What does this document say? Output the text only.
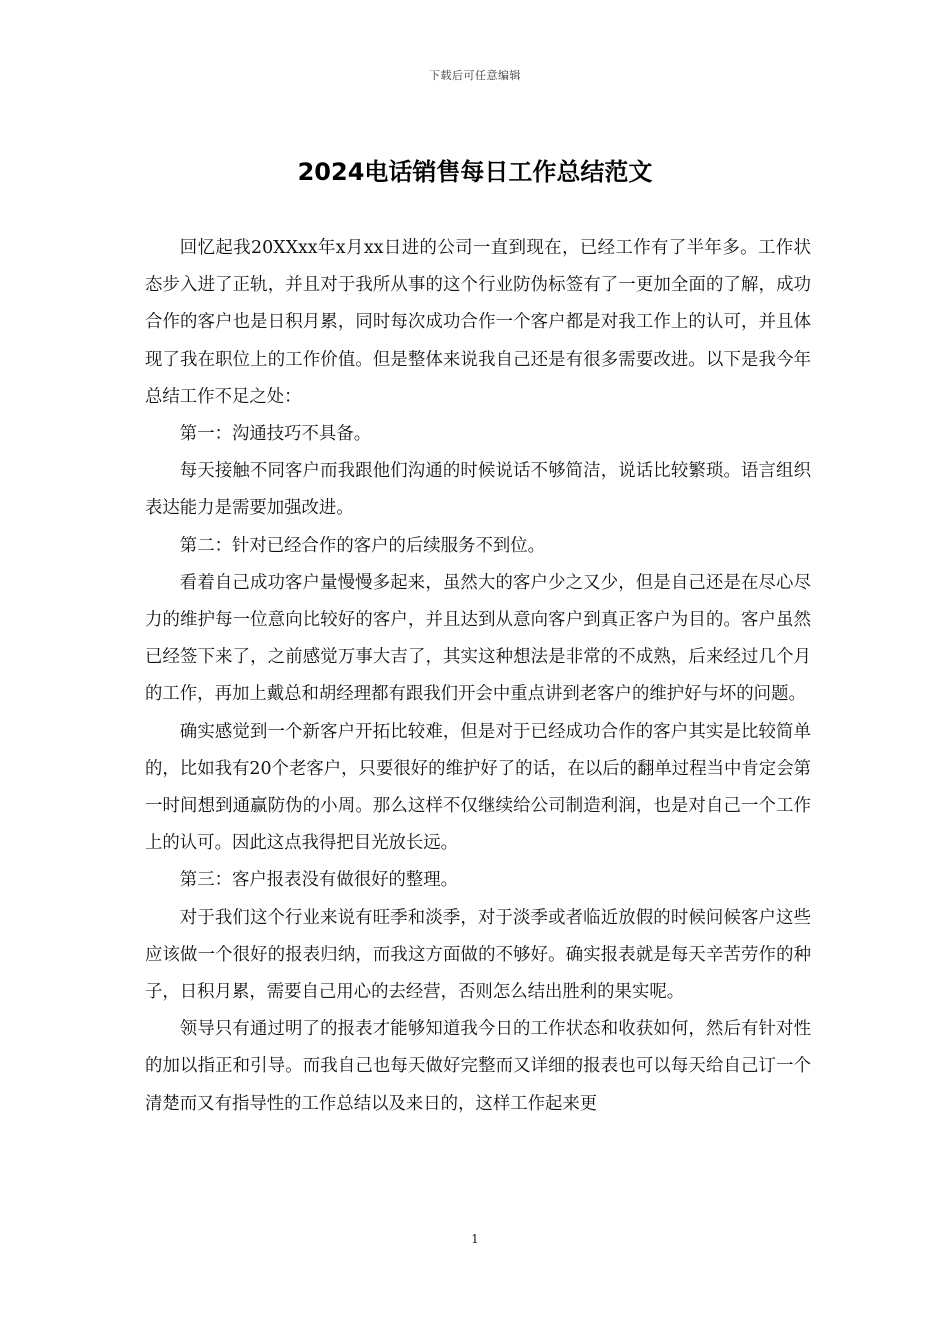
下载后可任意编辑
2024电话销售每日工作总结范文

回忆起我20XXxx年x月xx日进的公司一直到现在，已经工作有了半年多。工作状态步入进了正轨，并且对于我所从事的这个行业防伪标签有了一更加全面的了解，成功合作的客户也是日积月累，同时每次成功合作一个客户都是对我工作上的认可，并且体现了我在职位上的工作价值。但是整体来说我自己还是有很多需要改进。以下是我今年总结工作不足之处：

第一：沟通技巧不具备。

每天接触不同客户而我跟他们沟通的时候说话不够简洁，说话比较繁琐。语言组织表达能力是需要加强改进。

第二：针对已经合作的客户的后续服务不到位。

看着自己成功客户量慢慢多起来，虽然大的客户少之又少，但是自己还是在尽心尽力的维护每一位意向比较好的客户，并且达到从意向客户到真正客户为目的。客户虽然已经签下来了，之前感觉万事大吉了，其实这种想法是非常的不成熟，后来经过几个月的工作，再加上戴总和胡经理都有跟我们开会中重点讲到老客户的维护好与坏的问题。

确实感觉到一个新客户开拓比较难，但是对于已经成功合作的客户其实是比较简单的，比如我有20个老客户，只要很好的维护好了的话，在以后的翻单过程当中肯定会第一时间想到通赢防伪的小周。那么这样不仅继续给公司制造利润，也是对自己一个工作上的认可。因此这点我得把目光放长远。

第三：客户报表没有做很好的整理。

对于我们这个行业来说有旺季和淡季，对于淡季或者临近放假的时候问候客户这些应该做一个很好的报表归纳，而我这方面做的不够好。确实报表就是每天辛苦劳作的种子，日积月累，需要自己用心的去经营，否则怎么结出胜利的果实呢。

领导只有通过明了的报表才能够知道我今日的工作状态和收获如何，然后有针对性的加以指正和引导。而我自己也每天做好完整而又详细的报表也可以每天给自己订一个清楚而又有指导性的工作总结以及来日的，这样工作起来更

1
